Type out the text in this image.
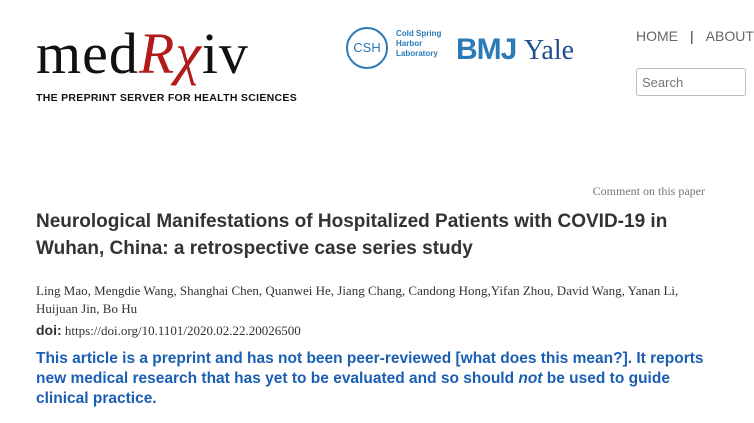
medRχiv
THE PREPRINT SERVER FOR HEALTH SCIENCES
CSH
Cold Spring Harbor Laboratory BMJ Yale	HOME | ABOUT
Search
Comment on this paper
Neurological Manifestations of Hospitalized Patients with COVID-19 in Wuhan, China: a retrospective case series study
Ling Mao, Mengdie Wang, Shanghai Chen, Quanwei He, Jiang Chang, Candong Hong,Yifan Zhou, David Wang, Yanan Li, Huijuan Jin, Bo Hu
doi: https://doi.org/10.1101/2020.02.22.20026500
This article is a preprint and has not been peer-reviewed [what does this mean?]. It reports new medical research that has yet to be evaluated and so should not be used to guide clinical practice.
